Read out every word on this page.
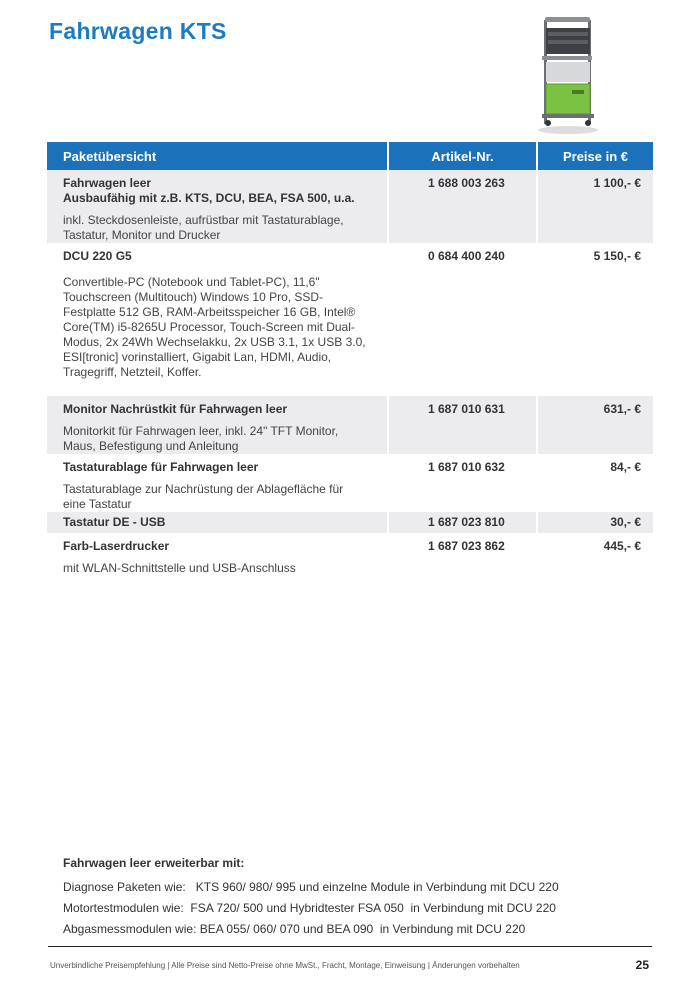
Fahrwagen KTS
Paketübersicht	Artikel-Nr.	Preise in €

Fahrwagen leer
Ausbaufähig mit z.B. KTS, DCU, BEA, FSA 500, u.a.
inkl. Steckdosenleiste, aufrüstbar mit Tastaturablage, Tastatur, Monitor und Drucker	1 688 003 263	1 100,- €

DCU 220 G5
Convertible-PC (Notebook und Tablet-PC), 11,6" Touchscreen (Multitouch) Windows 10 Pro, SSD-Festplatte 512 GB, RAM-Arbeitsspeicher 16 GB, Intel® Core(TM) i5-8265U Processor, Touch-Screen mit Dual-Modus, 2x 24Wh Wechselakku, 2x USB 3.1, 1x USB 3.0, ESI[tronic] vorinstalliert, Gigabit Lan, HDMI, Audio, Tragegriff, Netzteil, Koffer.	0 684 400 240	5 150,- €

Monitor Nachrüstkit für Fahrwagen leer
Monitorkit für Fahrwagen leer, inkl. 24" TFT Monitor, Maus, Befestigung und Anleitung	1 687 010 631	631,- €

Tastaturablage für Fahrwagen leer
Tastaturablage zur Nachrüstung der Ablagefläche für eine Tastatur	1 687 010 632	84,- €

Tastatur DE - USB	1 687 023 810	30,- €

Farb-Laserdrucker
mit WLAN-Schnittstelle und USB-Anschluss	1 687 023 862	445,- €
Fahrwagen leer erweiterbar mit:
Diagnose Paketen wie:   KTS 960/ 980/ 995 und einzelne Module in Verbindung mit DCU 220
Motortestmodulen wie:  FSA 720/ 500 und Hybridtester FSA 050  in Verbindung mit DCU 220
Abgasmessmodulen wie: BEA 055/ 060/ 070 und BEA 090  in Verbindung mit DCU 220
Unverbindliche Preisempfehlung | Alle Preise sind Netto-Preise ohne MwSt., Fracht, Montage, Einweisung | Änderungen vorbehalten	25
